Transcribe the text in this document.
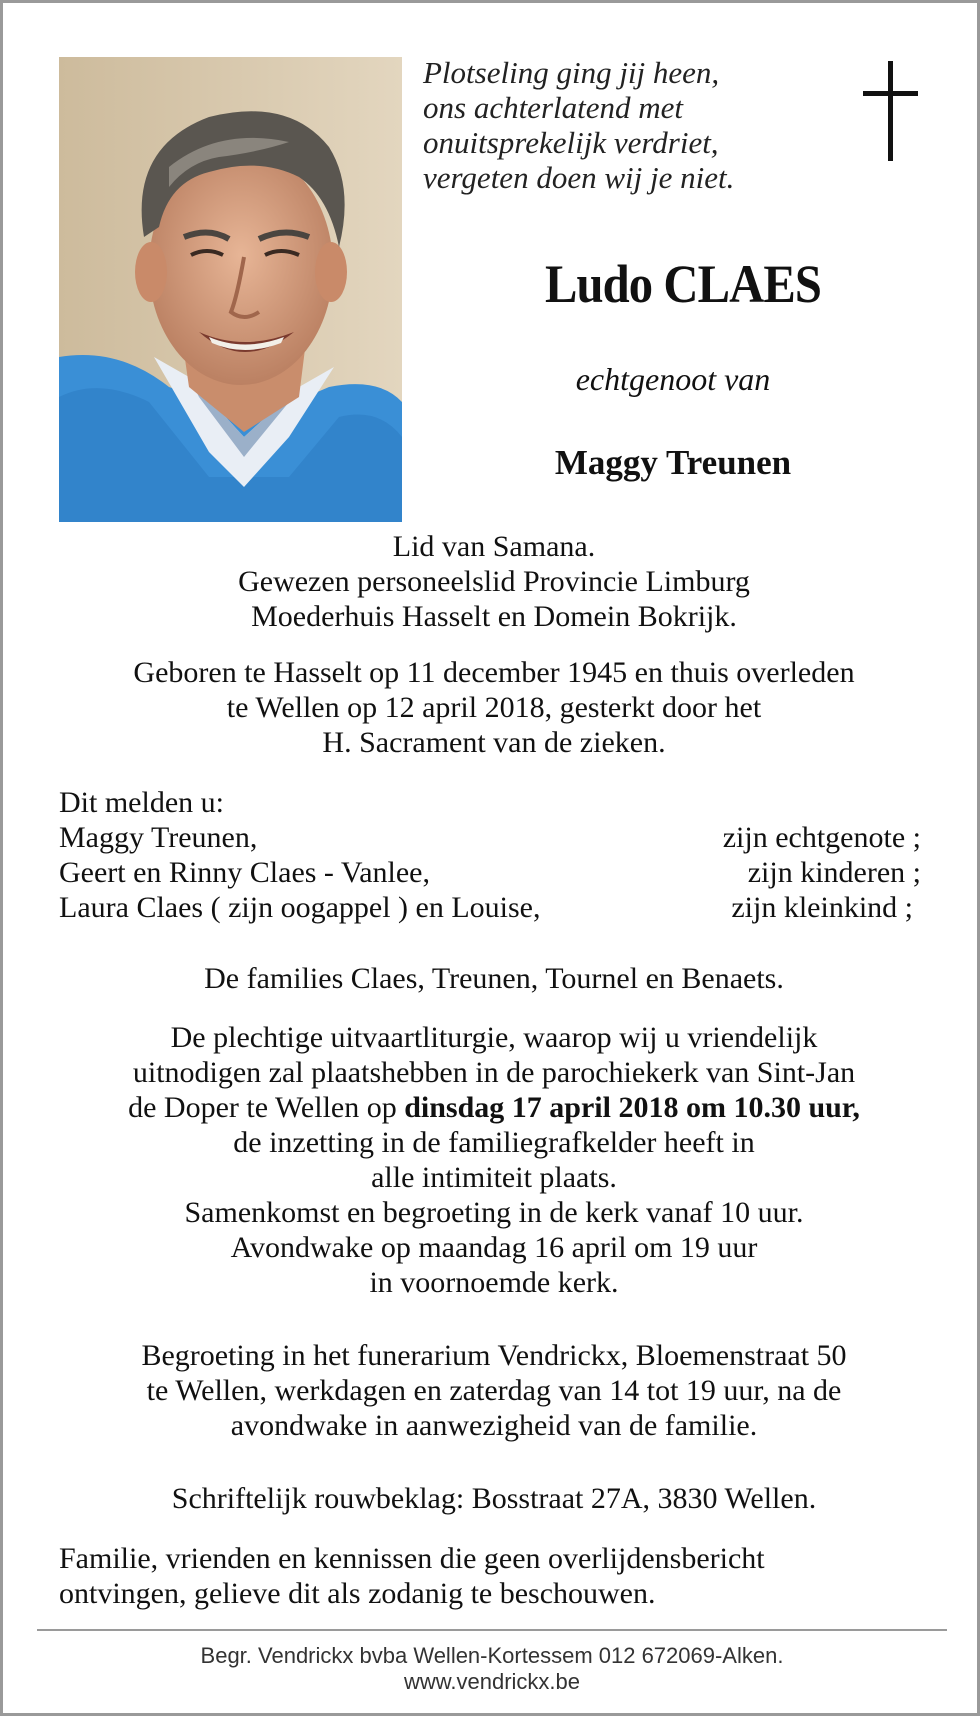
Plotseling ging jij heen,
ons achterlatend met
onuitsprekelijk verdriet,
vergeten doen wij je niet.
Ludo CLAES
echtgenoot van
Maggy Treunen
Lid van Samana.
Gewezen personeelslid Provincie Limburg
Moederhuis Hasselt en Domein Bokrijk.
Geboren te Hasselt op 11 december 1945 en thuis overleden
te Wellen op 12 april 2018, gesterkt door het
H. Sacrament van de zieken.
Dit melden u:
Maggy Treunen,	zijn echtgenote ;
Geert en Rinny Claes - Vanlee,	zijn kinderen ;
Laura Claes ( zijn oogappel ) en Louise,	zijn kleinkind ;
De families Claes, Treunen, Tournel en Benaets.
De plechtige uitvaartliturgie, waarop wij u vriendelijk
uitnodigen zal plaatshebben in de parochiekerk van Sint-Jan
de Doper te Wellen op dinsdag 17 april 2018 om 10.30 uur,
de inzetting in de familiegrafkelder heeft in
alle intimiteit plaats.
Samenkomst en begroeting in de kerk vanaf 10 uur.
Avondwake op maandag 16 april om 19 uur
in voornoemde kerk.
Begroeting in het funerarium Vendrickx, Bloemenstraat 50
te Wellen, werkdagen en zaterdag van 14 tot 19 uur, na de
avondwake in aanwezigheid van de familie.
Schriftelijk rouwbeklag: Bosstraat 27A, 3830 Wellen.
Familie, vrienden en kennissen die geen overlijdensbericht
ontvingen, gelieve dit als zodanig te beschouwen.
Begr. Vendrickx bvba Wellen-Kortessem 012 672069-Alken.
www.vendrickx.be
